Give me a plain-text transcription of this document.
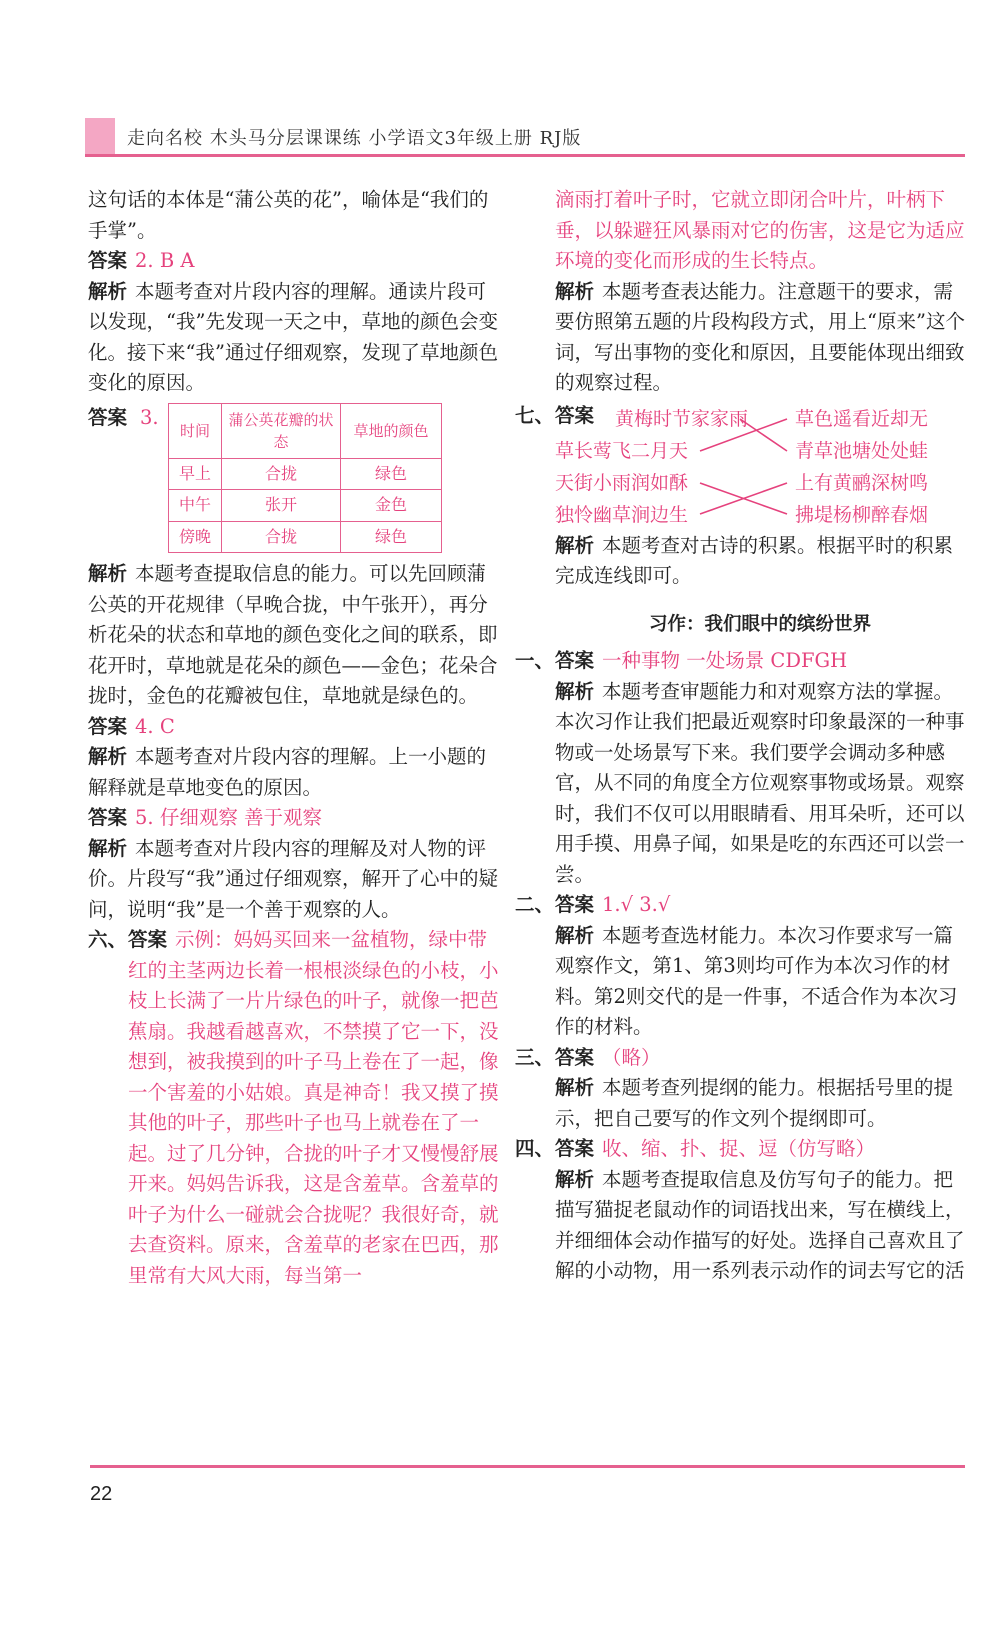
走向名校 木头马分层课课练 小学语文3年级上册 RJ版

这句话的本体是“蒲公英的花”，喻体是“我们的手掌”。

答案 2. B A

解析 本题考查对片段内容的理解。通读片段可以发现，“我”先发现一天之中，草地的颜色会变化。接下来“我”通过仔细观察，发现了草地颜色变化的原因。

答案 3.
时间	蒲公英花瓣的状态	草地的颜色
早上	合拢	绿色
中午	张开	金色
傍晚	合拢	绿色

解析 本题考查提取信息的能力。可以先回顾蒲公英的开花规律（早晚合拢，中午张开），再分析花朵的状态和草地的颜色变化之间的联系，即花开时，草地就是花朵的颜色——金色；花朵合拢时，金色的花瓣被包住，草地就是绿色的。

答案 4. C

解析 本题考查对片段内容的理解。上一小题的解释就是草地变色的原因。

答案 5. 仔细观察 善于观察

解析 本题考查对片段内容的理解及对人物的评价。片段写“我”通过仔细观察，解开了心中的疑问，说明“我”是一个善于观察的人。

六、答案 示例：妈妈买回来一盆植物，绿中带红的主茎两边长着一根根淡绿色的小枝，小枝上长满了一片片绿色的叶子，就像一把芭蕉扇。我越看越喜欢，不禁摸了它一下，没想到，被我摸到的叶子马上卷在了一起，像一个害羞的小姑娘。真是神奇！我又摸了摸其他的叶子，那些叶子也马上就卷在了一起。过了几分钟，合拢的叶子才又慢慢舒展开来。妈妈告诉我，这是含羞草。含羞草的叶子为什么一碰就会合拢呢？我很好奇，就去查资料。原来，含羞草的老家在巴西，那里常有大风大雨，每当第一

滴雨打着叶子时，它就立即闭合叶片，叶柄下垂，以躲避狂风暴雨对它的伤害，这是它为适应环境的变化而形成的生长特点。

解析 本题考查表达能力。注意题干的要求，需要仿照第五题的片段构段方式，用上“原来”这个词，写出事物的变化和原因，且要能体现出细致的观察过程。

七、 答案 黄梅时节家家雨
草长莺飞二月天
天街小雨润如酥
独怜幽草涧边生
草色遥看近却无
青草池塘处处蛙
上有黄鹂深树鸣
拂堤杨柳醉春烟

解析 本题考查对古诗的积累。根据平时的积累完成连线即可。

习作：我们眼中的缤纷世界

一、答案 一种事物 一处场景 CDFGH

解析 本题考查审题能力和对观察方法的掌握。本次习作让我们把最近观察时印象最深的一种事物或一处场景写下来。我们要学会调动多种感官，从不同的角度全方位观察事物或场景。观察时，我们不仅可以用眼睛看、用耳朵听，还可以用手摸、用鼻子闻，如果是吃的东西还可以尝一尝。

二、答案 1.√ 3.√

解析 本题考查选材能力。本次习作要求写一篇观察作文，第1、第3则均可作为本次习作的材料。第2则交代的是一件事，不适合作为本次习作的材料。

三、答案 （略）

解析 本题考查列提纲的能力。根据括号里的提示，把自己要写的作文列个提纲即可。

四、答案 收、缩、扑、捉、逗（仿写略）

解析 本题考查提取信息及仿写句子的能力。把描写猫捉老鼠动作的词语找出来，写在横线上，并细细体会动作描写的好处。选择自己喜欢且了解的小动物，用一系列表示动作的词去写它的活

22
